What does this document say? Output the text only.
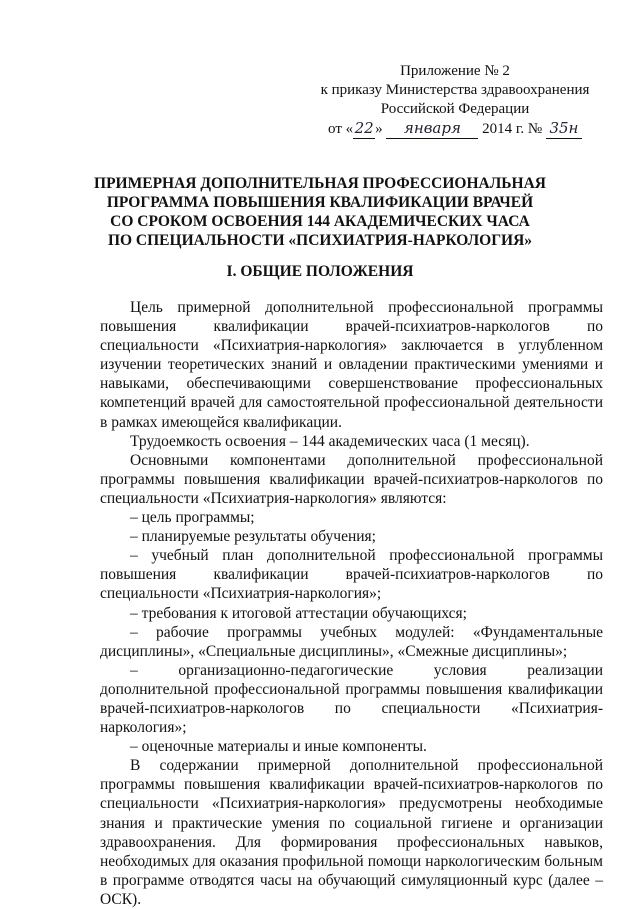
Приложение № 2
к приказу Министерства здравоохранения
Российской Федерации
от «22» января 2014 г. № 35н
ПРИМЕРНАЯ ДОПОЛНИТЕЛЬНАЯ ПРОФЕССИОНАЛЬНАЯ
ПРОГРАММА ПОВЫШЕНИЯ КВАЛИФИКАЦИИ ВРАЧЕЙ
СО СРОКОМ ОСВОЕНИЯ 144 АКАДЕМИЧЕСКИХ ЧАСА
ПО СПЕЦИАЛЬНОСТИ «ПСИХИАТРИЯ-НАРКОЛОГИЯ»
I. ОБЩИЕ ПОЛОЖЕНИЯ

Цель примерной дополнительной профессиональной программы повышения квалификации врачей-психиатров-наркологов по специальности «Психиатрия-наркология» заключается в углубленном изучении теоретических знаний и овладении практическими умениями и навыками, обеспечивающими совершенствование профессиональных компетенций врачей для самостоятельной профессиональной деятельности в рамках имеющейся квалификации.

Трудоемкость освоения – 144 академических часа (1 месяц).

Основными компонентами дополнительной профессиональной программы повышения квалификации врачей-психиатров-наркологов по специальности «Психиатрия-наркология» являются:

– цель программы;

– планируемые результаты обучения;

– учебный план дополнительной профессиональной программы повышения квалификации врачей-психиатров-наркологов по специальности «Психиатрия-наркология»;

– требования к итоговой аттестации обучающихся;

– рабочие программы учебных модулей: «Фундаментальные дисциплины», «Специальные дисциплины», «Смежные дисциплины»;

– организационно-педагогические условия реализации дополнительной профессиональной программы повышения квалификации врачей-психиатров-наркологов по специальности «Психиатрия-наркология»;

– оценочные материалы и иные компоненты.

В содержании примерной дополнительной профессиональной программы повышения квалификации врачей-психиатров-наркологов по специальности «Психиатрия-наркология» предусмотрены необходимые знания и практические умения по социальной гигиене и организации здравоохранения. Для формирования профессиональных навыков, необходимых для оказания профильной помощи наркологическим больным в программе отводятся часы на обучающий симуляционный курс (далее – ОСК).
